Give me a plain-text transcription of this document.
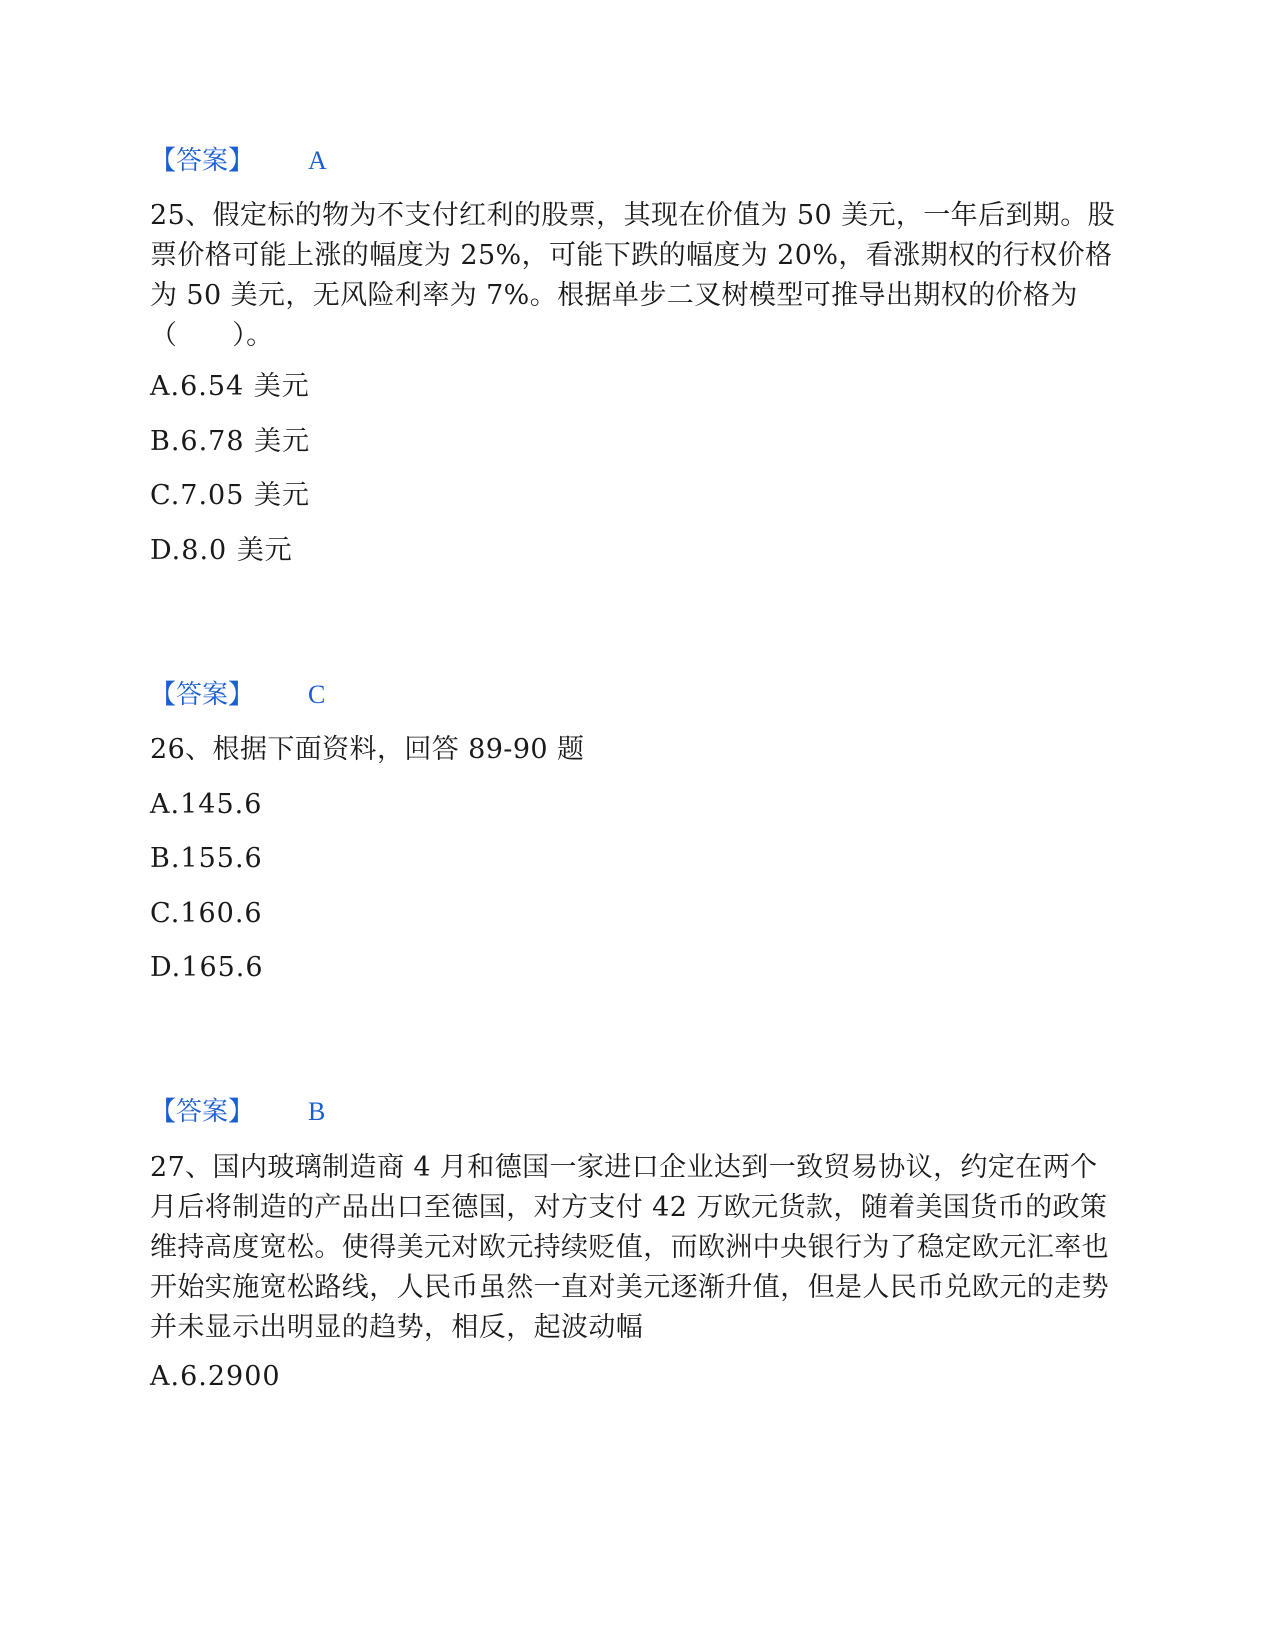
【答案】 A
25、假定标的物为不支付红利的股票，其现在价值为 50 美元，一年后到期。股票价格可能上涨的幅度为 25%，可能下跌的幅度为 20%，看涨期权的行权价格为 50 美元，无风险利率为 7%。根据单步二叉树模型可推导出期权的价格为（　　）。
A.6.54 美元
B.6.78 美元
C.7.05 美元
D.8.0 美元
【答案】 C
26、根据下面资料，回答 89-90 题
A.145.6
B.155.6
C.160.6
D.165.6
【答案】 B
27、国内玻璃制造商 4 月和德国一家进口企业达到一致贸易协议，约定在两个月后将制造的产品出口至德国，对方支付 42 万欧元货款，随着美国货币的政策维持高度宽松。使得美元对欧元持续贬值，而欧洲中央银行为了稳定欧元汇率也开始实施宽松路线，人民币虽然一直对美元逐渐升值，但是人民币兑欧元的走势并未显示出明显的趋势，相反，起波动幅
A.6.2900
